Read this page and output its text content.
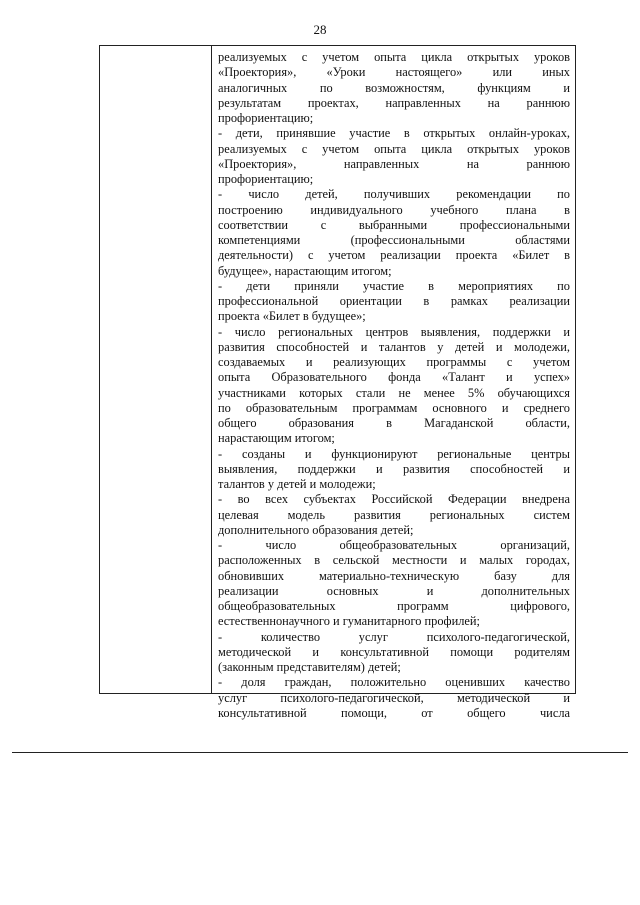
28
реализуемых с учетом опыта цикла открытых уроков
«Проектория», «Уроки настоящего» или иных
аналогичных по возможностям, функциям и
результатам проектах, направленных на раннюю
профориентацию;
- дети, принявшие участие в открытых онлайн-уроках,
реализуемых с учетом опыта цикла открытых уроков
«Проектория», направленных на раннюю
профориентацию;
- число детей, получивших рекомендации по
построению индивидуального учебного плана в
соответствии с выбранными профессиональными
компетенциями (профессиональными областями
деятельности) с учетом реализации проекта «Билет в
будущее», нарастающим итогом;
- дети приняли участие в мероприятиях по
профессиональной ориентации в рамках реализации
проекта «Билет в будущее»;
- число региональных центров выявления, поддержки и
развития способностей и талантов у детей и молодежи,
создаваемых и реализующих программы с учетом
опыта Образовательного фонда «Талант и успех»
участниками которых стали не менее 5% обучающихся
по образовательным программам основного и среднего
общего образования в Магаданской области,
нарастающим итогом;
- созданы и функционируют региональные центры
выявления, поддержки и развития способностей и
талантов у детей и молодежи;
- во всех субъектах Российской Федерации внедрена
целевая модель развития региональных систем
дополнительного образования детей;
- число общеобразовательных организаций,
расположенных в сельской местности и малых городах,
обновивших материально-техническую базу для
реализации основных и дополнительных
общеобразовательных программ цифрового,
естественнонаучного и гуманитарного профилей;
- количество услуг психолого-педагогической,
методической и консультативной помощи родителям
(законным представителям) детей;
- доля граждан, положительно оценивших качество
услуг психолого-педагогической, методической и
консультативной помощи, от общего числа
